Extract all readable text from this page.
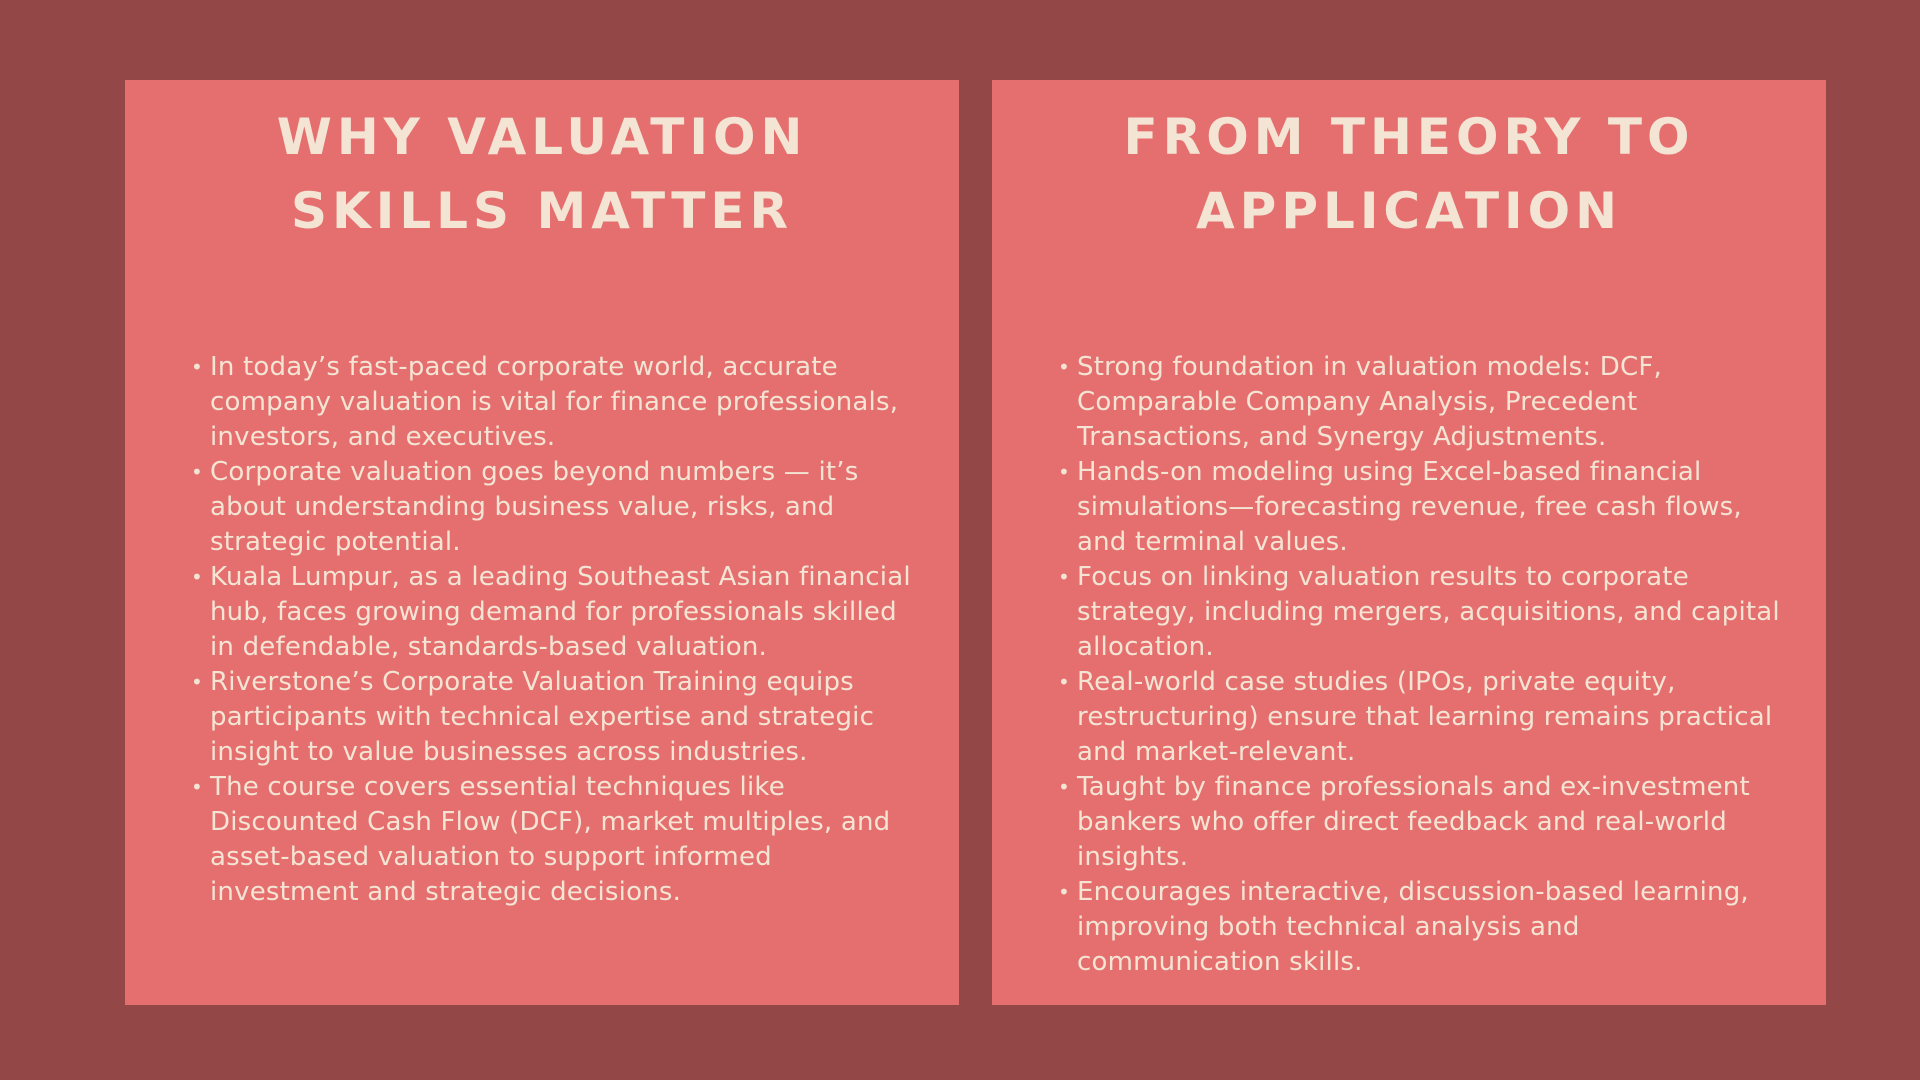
WHY VALUATION
SKILLS MATTER
• In today’s fast-paced corporate world, accurate company valuation is vital for finance professionals, investors, and executives.
• Corporate valuation goes beyond numbers — it’s about understanding business value, risks, and strategic potential.
• Kuala Lumpur, as a leading Southeast Asian financial hub, faces growing demand for professionals skilled in defendable, standards-based valuation.
• Riverstone’s Corporate Valuation Training equips participants with technical expertise and strategic insight to value businesses across industries.
• The course covers essential techniques like Discounted Cash Flow (DCF), market multiples, and asset-based valuation to support informed investment and strategic decisions.
FROM THEORY TO
APPLICATION
• Strong foundation in valuation models: DCF, Comparable Company Analysis, Precedent Transactions, and Synergy Adjustments.
• Hands-on modeling using Excel-based financial simulations—forecasting revenue, free cash flows, and terminal values.
• Focus on linking valuation results to corporate strategy, including mergers, acquisitions, and capital allocation.
• Real-world case studies (IPOs, private equity, restructuring) ensure that learning remains practical and market-relevant.
• Taught by finance professionals and ex-investment bankers who offer direct feedback and real-world insights.
• Encourages interactive, discussion-based learning, improving both technical analysis and communication skills.
